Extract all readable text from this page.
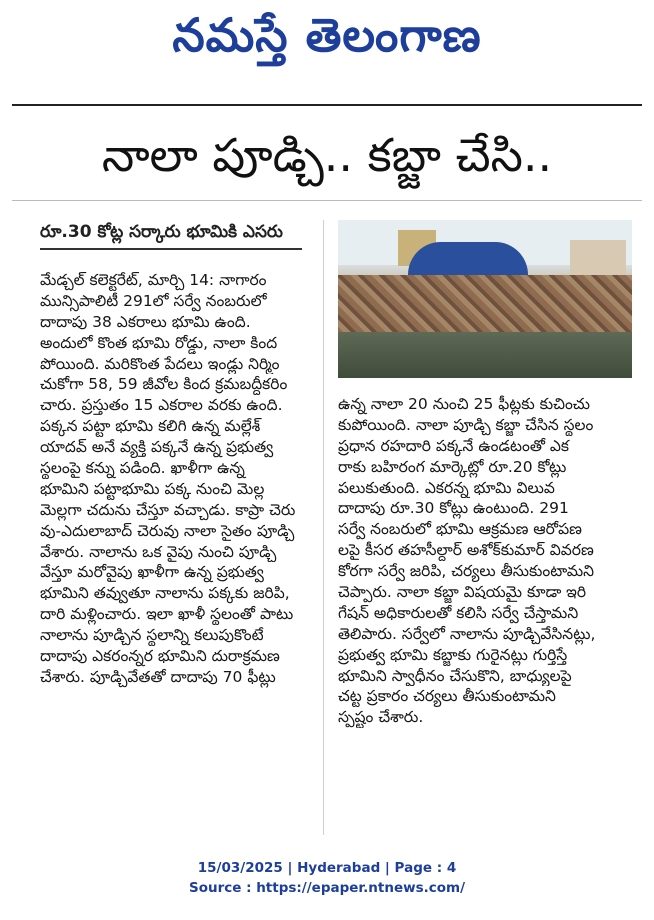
నమస్తే తెలంగాణ
నాలా పూడ్చి.. కబ్జా చేసి..
రూ.30 కోట్ల సర్కారు భూమికి ఎసరు
మేడ్చల్ కలెక్టరేట్, మార్చి 14: నాగారం
మున్సిపాలిటీ 291లో సర్వే నంబరులో
దాదాపు 38 ఎకరాలు భూమి ఉంది.
అందులో కొంత భూమి రోడ్డు, నాలా కింద
పోయింది. మరికొంత పేదలు ఇండ్లు నిర్మిం
చుకోగా 58, 59 జీవోల కింద క్రమబద్ధీకరిం
చారు. ప్రస్తుతం 15 ఎకరాల వరకు ఉంది.
పక్కన పట్టా భూమి కలిగి ఉన్న మల్లేశ్
యాదవ్ అనే వ్యక్తి పక్కనే ఉన్న ప్రభుత్వ
స్థలంపై కన్ను పడింది. ఖాళీగా ఉన్న
భూమిని పట్టాభూమి పక్క నుంచి మెల్ల
మెల్లగా చదును చేస్తూ వచ్చాడు. కాప్రా చెరు
వు-ఎదులాబాద్ చెరువు నాలా సైతం పూడ్చి
వేశారు. నాలాను ఒక వైపు నుంచి పూడ్చి
వేస్తూ మరోవైపు ఖాళీగా ఉన్న ప్రభుత్వ
భూమిని తవ్వుతూ నాలాను పక్కకు జరిపి,
దారి మళ్లించారు. ఇలా ఖాళీ స్థలంతో పాటు
నాలాను పూడ్చిన స్థలాన్ని కలుపుకొంటే
దాదాపు ఎకరంన్నర భూమిని దురాక్రమణ
చేశారు. పూడ్చివేతతో దాదాపు 70 ఫీట్లు
ఉన్న నాలా 20 నుంచి 25 ఫీట్లకు కుచించు
కుపోయింది. నాలా పూడ్చి కబ్జా చేసిన స్థలం
ప్రధాన రహదారి పక్కనే ఉండటంతో ఎక
రాకు బహిరంగ మార్కెట్లో రూ.20 కోట్లు
పలుకుతుంది. ఎకరన్న భూమి విలువ
దాదాపు రూ.30 కోట్లు ఉంటుంది. 291
సర్వే నంబరులో భూమి ఆక్రమణ ఆరోపణ
లపై కీసర తహసీల్దార్ అశోక్‌కుమార్ వివరణ
కోరగా సర్వే జరిపి, చర్యలు తీసుకుంటామని
చెప్పారు. నాలా కబ్జా విషయమై కూడా ఇరి
గేషన్ అధికారులతో కలిసి సర్వే చేస్తామని
తెలిపారు. సర్వేలో నాలాను పూడ్చివేసినట్లు,
ప్రభుత్వ భూమి కబ్జాకు గురైనట్లు గుర్తిస్తే
భూమిని స్వాధీనం చేసుకొని, బాధ్యులపై
చట్ట ప్రకారం చర్యలు తీసుకుంటామని
స్పష్టం చేశారు.
15/03/2025 | Hyderabad | Page : 4
Source : https://epaper.ntnews.com/
